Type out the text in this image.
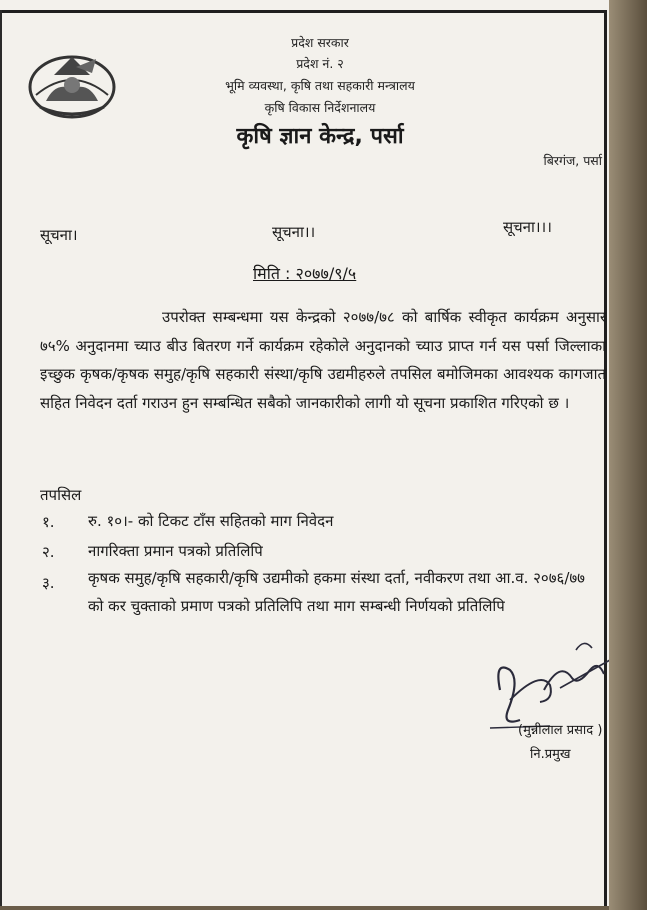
प्रदेश सरकार
प्रदेश नं. २
भूमि व्यवस्था, कृषि तथा सहकारी मन्त्रालय
कृषि विकास निर्देशनालय
कृषि ज्ञान केन्द्र, पर्सा
बिरगंज, पर्सा
सूचना।	सूचना।।	सूचना।।।
मिति : २०७७/९/५
उपरोक्त सम्बन्धमा यस केन्द्रको २०७७/७८ को बार्षिक स्वीकृत कार्यक्रम अनुसार ७५% अनुदानमा च्याउ बीउ बितरण गर्ने कार्यक्रम रहेकोले अनुदानको च्याउ प्राप्त गर्न यस पर्सा जिल्लाका इच्छुक कृषक/कृषक समुह/कृषि सहकारी संस्था/कृषि उद्यमीहरुले तपसिल बमोजिमका आवश्यक कागजात सहित निवेदन दर्ता गराउन हुन सम्बन्धित सबैको जानकारीको लागी यो सूचना प्रकाशित गरिएको छ ।
तपसिल
१. रु. १०।- को टिकट टाँस सहितको माग निवेदन
२. नागरिक्ता प्रमान पत्रको प्रतिलिपि
३. कृषक समुह/कृषि सहकारी/कृषि उद्यमीको हकमा संस्था दर्ता, नवीकरण तथा आ.व. २०७६/७७ को कर चुक्ताको प्रमाण पत्रको प्रतिलिपि तथा माग सम्बन्धी निर्णयको प्रतिलिपि
(मुन्नीलाल प्रसाद )
नि.प्रमुख
